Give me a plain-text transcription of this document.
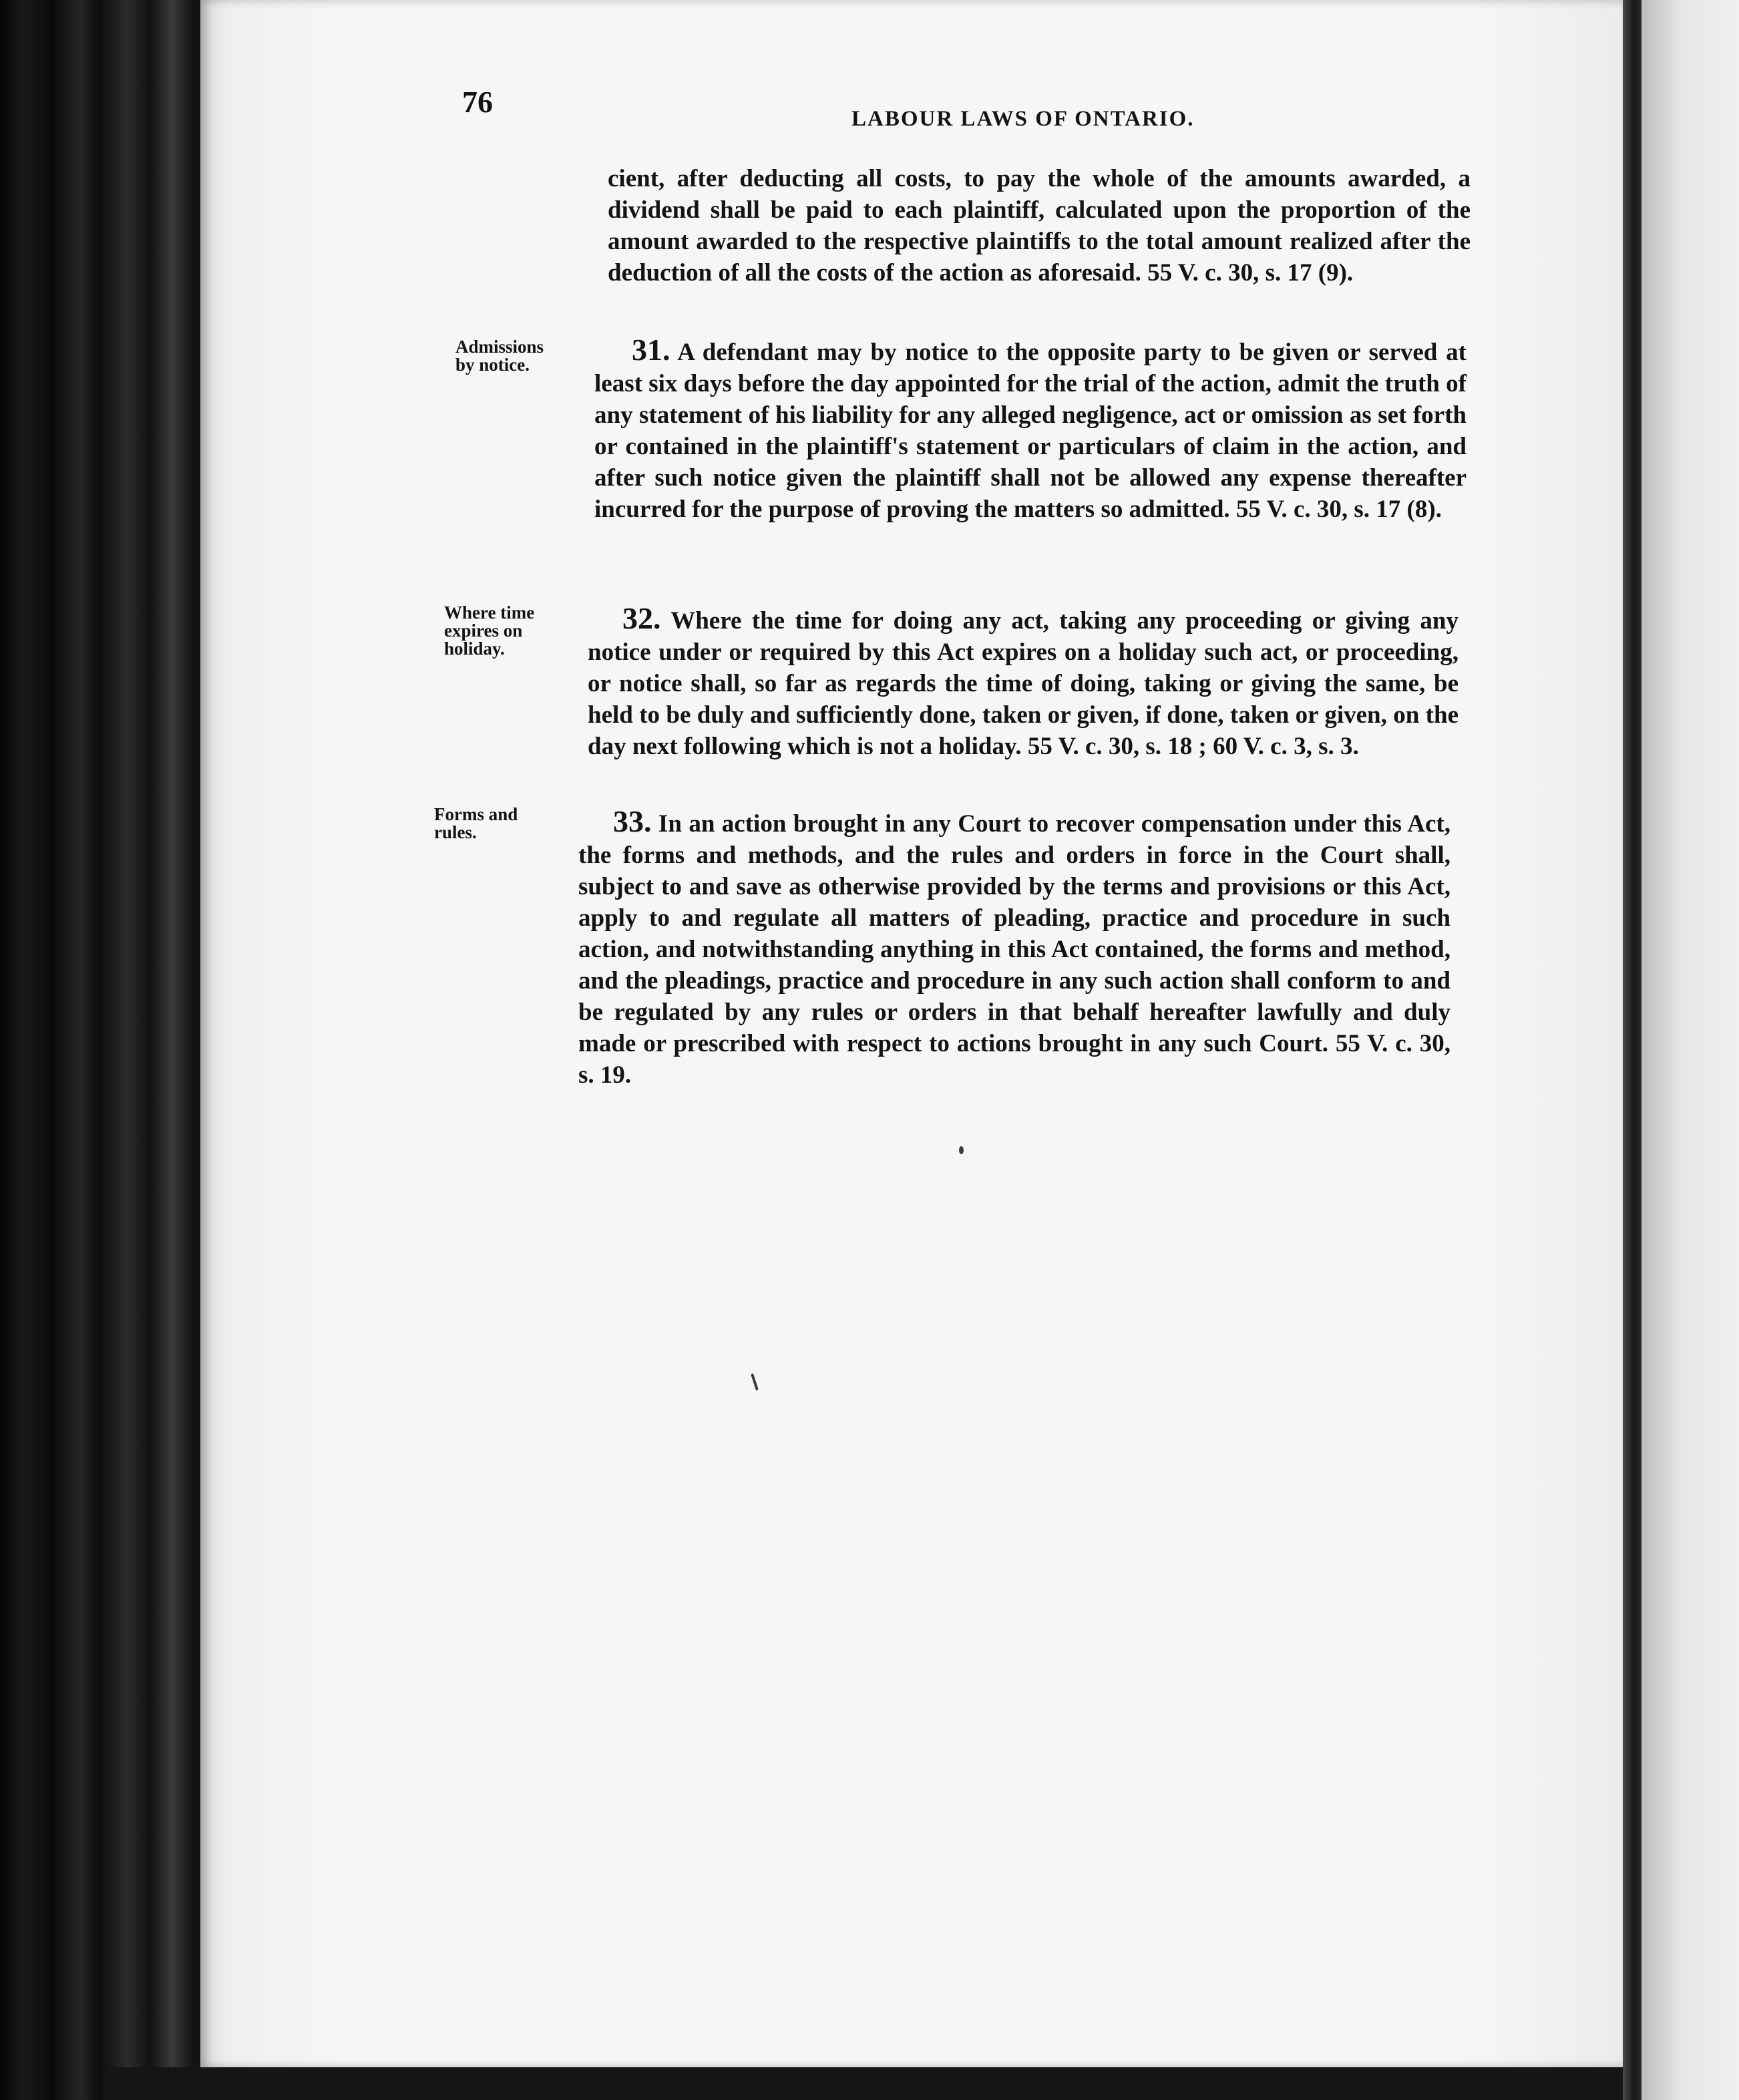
76	LABOUR LAWS OF ONTARIO.
cient, after deducting all costs, to pay the whole of the amounts awarded, a dividend shall be paid to each plaintiff, calculated upon the proportion of the amount awarded to the respective plaintiffs to the total amount realized after the deduction of all the costs of the action as aforesaid. 55 V. c. 30, s. 17 (9).
Admissions
by notice.	31. A defendant may by notice to the opposite party to be given or served at least six days before the day appointed for the trial of the action, admit the truth of any statement of his liability for any alleged negligence, act or omission as set forth or contained in the plaintiff's statement or particulars of claim in the action, and after such notice given the plaintiff shall not be allowed any expense thereafter incurred for the purpose of proving the matters so admitted. 55 V. c. 30, s. 17 (8).
Where time
expires on
holiday.
32. Where the time for doing any act, taking any proceeding or giving any notice under or required by this Act expires on a holiday such act, or proceeding, or notice shall, so far as regards the time of doing, taking or giving the same, be held to be duly and sufficiently done, taken or given, if done, taken or given, on the day next following which is not a holiday. 55 V. c. 30, s. 18 ; 60 V. c. 3, s. 3.
Forms and
rules.	33. In an action brought in any Court to recover compensation under this Act, the forms and methods, and the rules and orders in force in the Court shall, subject to and save as otherwise provided by the terms and provisions or this Act, apply to and regulate all matters of pleading, practice and procedure in such action, and notwithstanding anything in this Act contained, the forms and method, and the pleadings, practice and procedure in any such action shall conform to and be regulated by any rules or orders in that behalf hereafter lawfully and duly made or prescribed with respect to actions brought in any such Court. 55 V. c. 30, s. 19.
